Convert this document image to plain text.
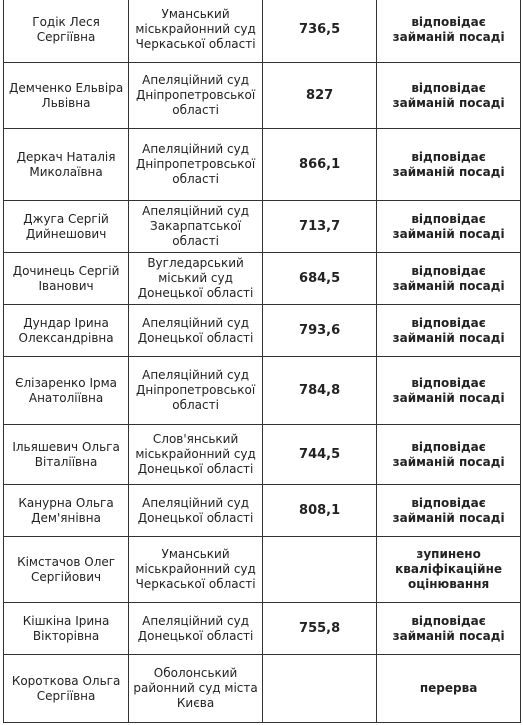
Годік Леся Сергіївна	Уманський міськрайонний суд Черкаської області	736,5	відповідає займаній посаді
Демченко Ельвіра Львівна	Апеляційний суд Дніпропетровської області	827	відповідає займаній посаді
Деркач Наталія Миколаївна	Апеляційний суд Дніпропетровської області	866,1	відповідає займаній посаді
Джуга Сергій Дийнешович	Апеляційний суд Закарпатської області	713,7	відповідає займаній посаді
Дочинець Сергій Іванович	Вугледарський міський суд Донецької області	684,5	відповідає займаній посаді
Дундар Ірина Олександрівна	Апеляційний суд Донецької області	793,6	відповідає займаній посаді
Єлізаренко Ірма Анатоліївна	Апеляційний суд Дніпропетровської області	784,8	відповідає займаній посаді
Ільяшевич Ольга Віталіївна	Слов'янський міськрайонний суд Донецької області	744,5	відповідає займаній посаді
Канурна Ольга Дем'янівна	Апеляційний суд Донецької області	808,1	відповідає займаній посаді
Кімстачов Олег Сергійович	Уманський міськрайонний суд Черкаської області		зупинено кваліфікаційне оцінювання
Кішкіна Ірина Вікторівна	Апеляційний суд Донецької області	755,8	відповідає займаній посаді
Короткова Ольга Сергіївна	Оболонський районний суд міста Києва		перерва
